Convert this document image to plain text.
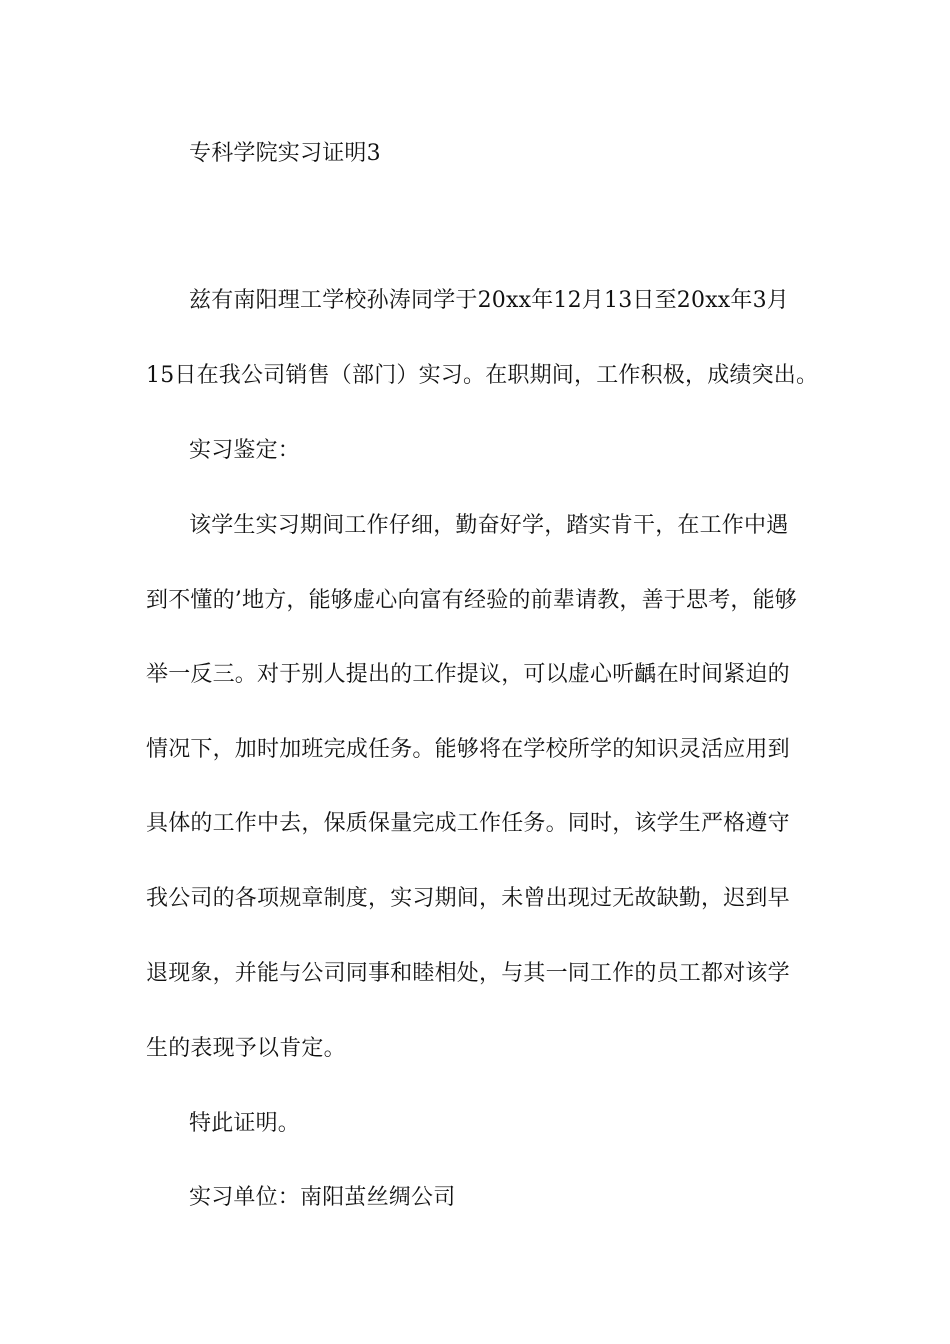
专科学院实习证明3
兹有南阳理工学校孙涛同学于20xx年12月13日至20xx年3月
15日在我公司销售（部门）实习。在职期间，工作积极，成绩突出。
实习鉴定：
该学生实习期间工作仔细，勤奋好学，踏实肯干，在工作中遇
到不懂的’地方，能够虚心向富有经验的前辈请教，善于思考，能够
举一反三。对于别人提出的工作提议，可以虚心听齲在时间紧迫的
情况下，加时加班完成任务。能够将在学校所学的知识灵活应用到
具体的工作中去，保质保量完成工作任务。同时，该学生严格遵守
我公司的各项规章制度，实习期间，未曾出现过无故缺勤，迟到早
退现象，并能与公司同事和睦相处，与其一同工作的员工都对该学
生的表现予以肯定。
特此证明。
实习单位：南阳茧丝绸公司
